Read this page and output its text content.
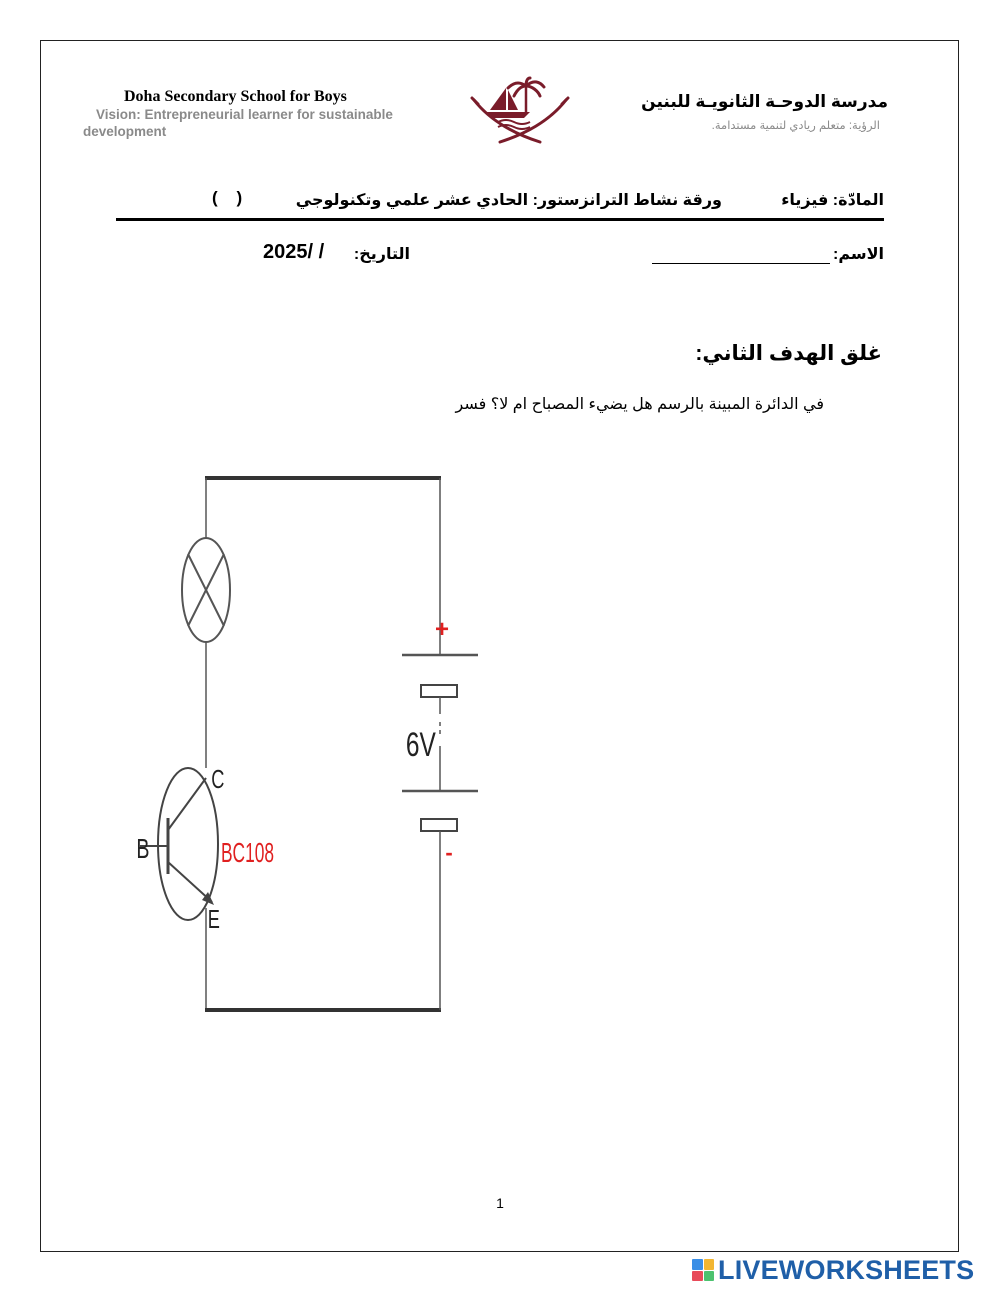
Doha Secondary School for Boys
Vision: Entrepreneurial learner for sustainable
development
مدرسة الدوحـة الثانويـة للبنين
الرؤية: متعلم ريادي لتنمية مستدامة.
المادّة: فيزياء
ورقة نشاط الترانزستور: الحادي عشر علمي وتكنولوجي
(    )
الاسم:
التاريخ:
2025/ /
غلق الهدف الثاني:
في الدائرة المبينة بالرسم هل يضيء المصباح ام لا؟ فسر
+
-
6V
C
B
E
BC108
1
LIVEWORKSHEETS
